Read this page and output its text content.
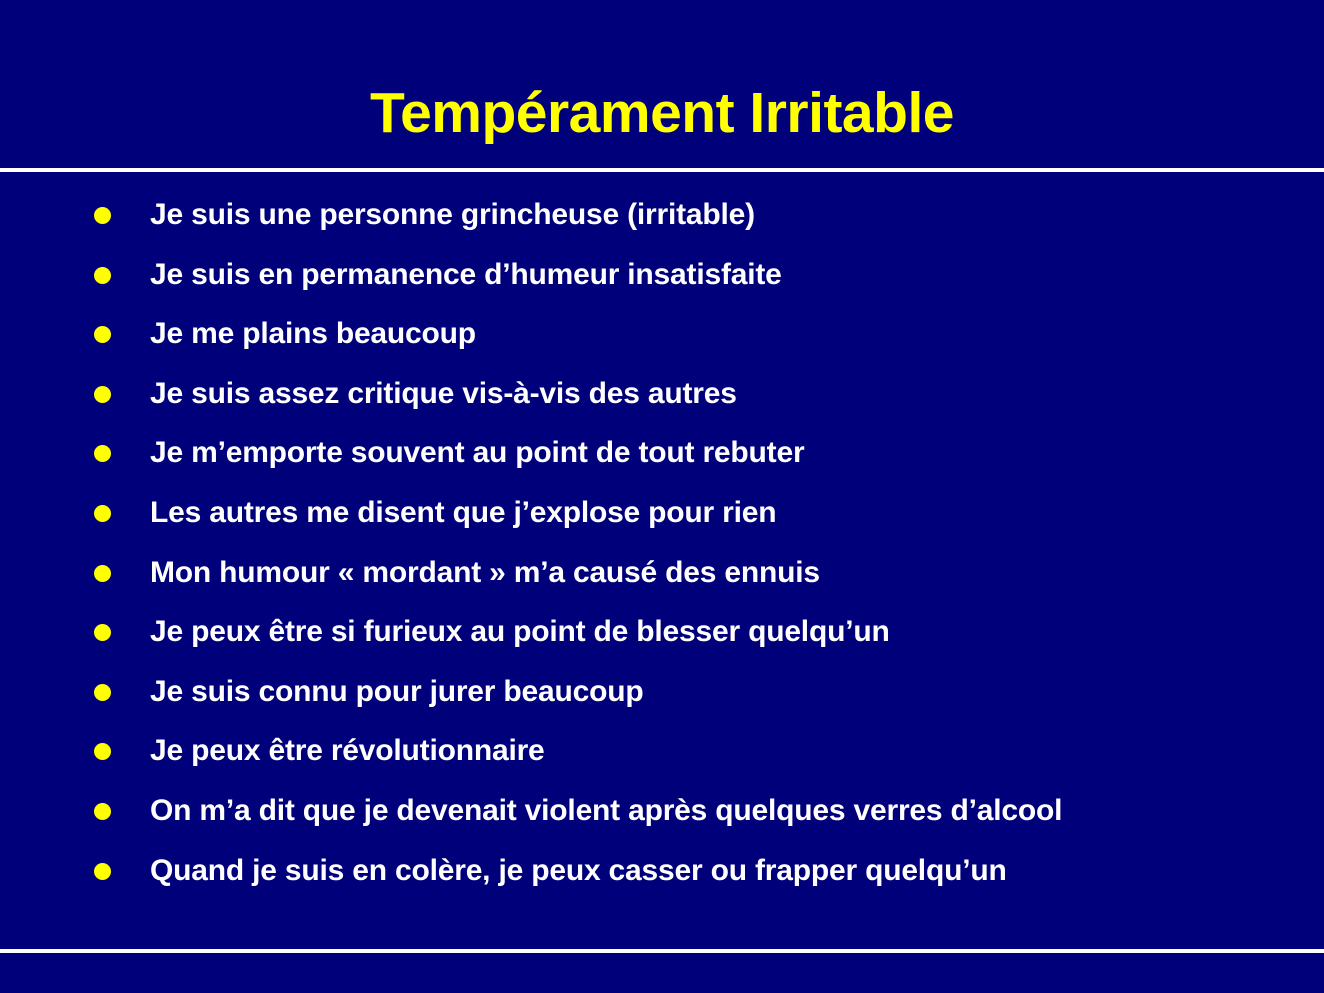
Tempérament Irritable
Je suis une personne grincheuse (irritable)
Je suis en permanence d’humeur insatisfaite
Je me plains beaucoup
Je suis assez critique vis-à-vis des autres
Je m’emporte souvent au point de tout rebuter
Les autres me disent que j’explose pour rien
Mon humour « mordant » m’a causé des ennuis
Je peux être si furieux au point de blesser quelqu’un
Je suis connu pour jurer beaucoup
Je peux être révolutionnaire
On m’a dit que je devenait violent après quelques verres d’alcool
Quand je suis en colère, je peux casser ou frapper quelqu’un
